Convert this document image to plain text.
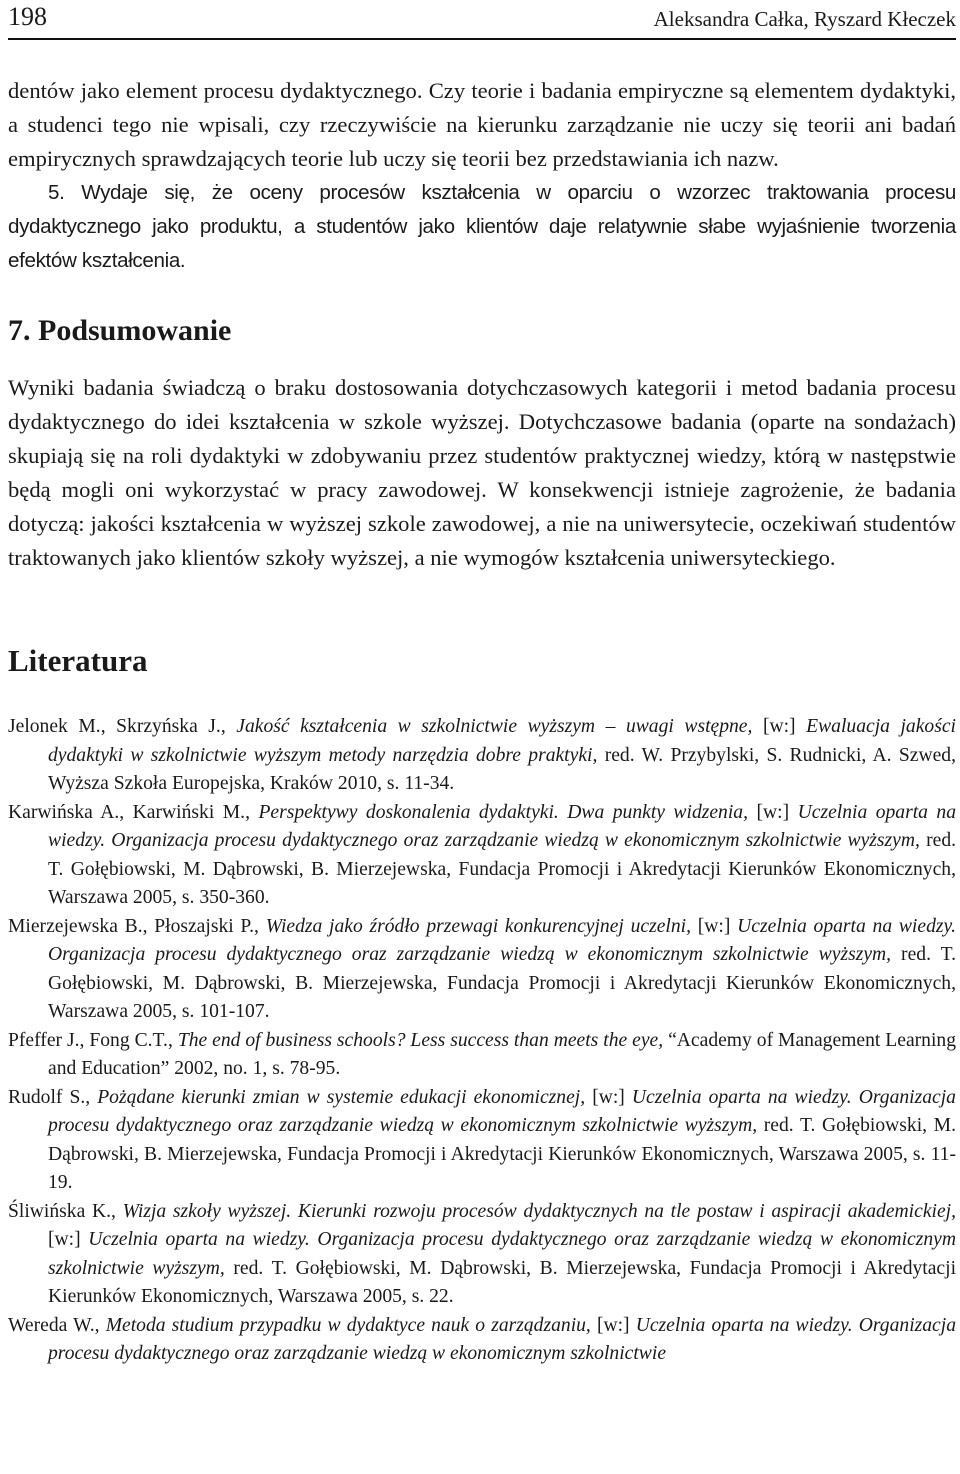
198	Aleksandra Całka, Ryszard Kłeczek

dentów jako element procesu dydaktycznego. Czy teorie i badania empiryczne są elementem dydaktyki, a studenci tego nie wpisali, czy rzeczywiście na kierunku zarządzanie nie uczy się teorii ani badań empirycznych sprawdzających teorie lub uczy się teorii bez przedstawiania ich nazw.

5. Wydaje się, że oceny procesów kształcenia w oparciu o wzorzec traktowania procesu dydaktycznego jako produktu, a studentów jako klientów daje relatywnie słabe wyjaśnienie tworzenia efektów kształcenia.

7. Podsumowanie

Wyniki badania świadczą o braku dostosowania dotychczasowych kategorii i metod badania procesu dydaktycznego do idei kształcenia w szkole wyższej. Dotychczasowe badania (oparte na sondażach) skupiają się na roli dydaktyki w zdobywaniu przez studentów praktycznej wiedzy, którą w następstwie będą mogli oni wykorzystać w pracy zawodowej. W konsekwencji istnieje zagrożenie, że badania dotyczą: jakości kształcenia w wyższej szkole zawodowej, a nie na uniwersytecie, oczekiwań studentów traktowanych jako klientów szkoły wyższej, a nie wymogów kształcenia uniwersyteckiego.

Literatura

Jelonek M., Skrzyńska J., Jakość kształcenia w szkolnictwie wyższym – uwagi wstępne, [w:] Ewaluacja jakości dydaktyki w szkolnictwie wyższym metody narzędzia dobre praktyki, red. W. Przybylski, S. Rudnicki, A. Szwed, Wyższa Szkoła Europejska, Kraków 2010, s. 11-34.

Karwińska A., Karwiński M., Perspektywy doskonalenia dydaktyki. Dwa punkty widzenia, [w:] Uczelnia oparta na wiedzy. Organizacja procesu dydaktycznego oraz zarządzanie wiedzą w ekonomicznym szkolnictwie wyższym, red. T. Gołębiowski, M. Dąbrowski, B. Mierzejewska, Fundacja Promocji i Akredytacji Kierunków Ekonomicznych, Warszawa 2005, s. 350-360.

Mierzejewska B., Płoszajski P., Wiedza jako źródło przewagi konkurencyjnej uczelni, [w:] Uczelnia oparta na wiedzy. Organizacja procesu dydaktycznego oraz zarządzanie wiedzą w ekonomicznym szkolnictwie wyższym, red. T. Gołębiowski, M. Dąbrowski, B. Mierzejewska, Fundacja Promocji i Akredytacji Kierunków Ekonomicznych, Warszawa 2005, s. 101-107.

Pfeffer J., Fong C.T., The end of business schools? Less success than meets the eye, “Academy of Management Learning and Education” 2002, no. 1, s. 78-95.

Rudolf S., Pożądane kierunki zmian w systemie edukacji ekonomicznej, [w:] Uczelnia oparta na wiedzy. Organizacja procesu dydaktycznego oraz zarządzanie wiedzą w ekonomicznym szkolnictwie wyższym, red. T. Gołębiowski, M. Dąbrowski, B. Mierzejewska, Fundacja Promocji i Akredytacji Kierunków Ekonomicznych, Warszawa 2005, s. 11-19.

Śliwińska K., Wizja szkoły wyższej. Kierunki rozwoju procesów dydaktycznych na tle postaw i aspiracji akademickiej, [w:] Uczelnia oparta na wiedzy. Organizacja procesu dydaktycznego oraz zarządzanie wiedzą w ekonomicznym szkolnictwie wyższym, red. T. Gołębiowski, M. Dąbrowski, B. Mierzejewska, Fundacja Promocji i Akredytacji Kierunków Ekonomicznych, Warszawa 2005, s. 22.

Wereda W., Metoda studium przypadku w dydaktyce nauk o zarządzaniu, [w:] Uczelnia oparta na wiedzy. Organizacja procesu dydaktycznego oraz zarządzanie wiedzą w ekonomicznym szkolnictwie
